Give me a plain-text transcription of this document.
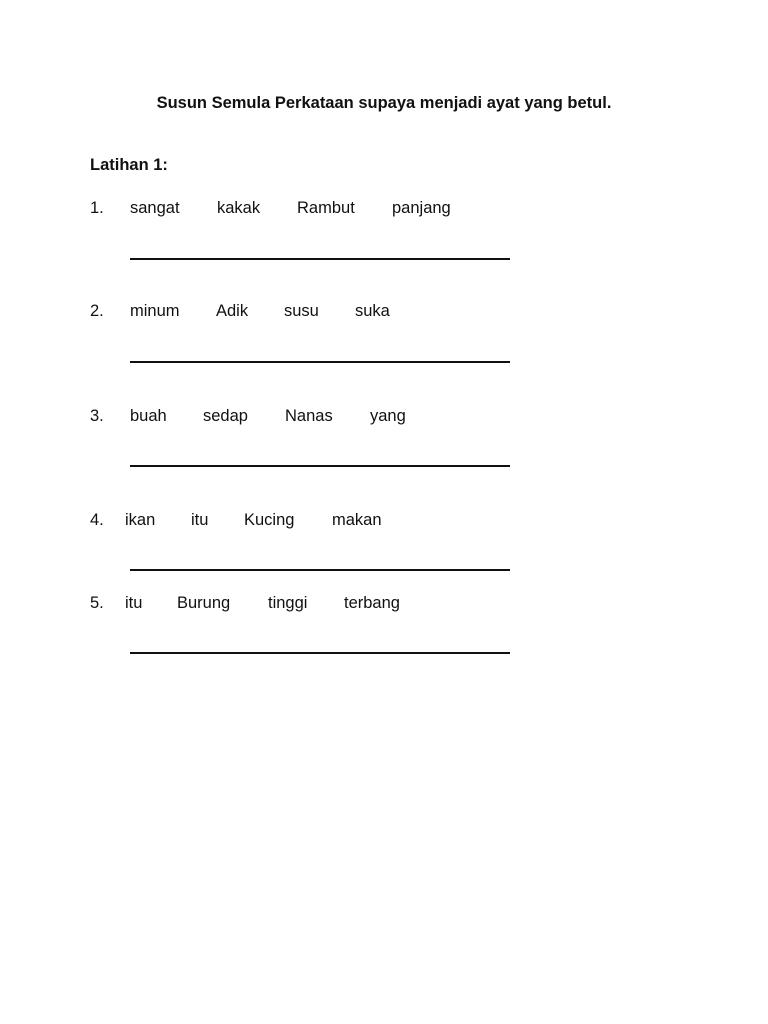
Susun Semula Perkataan supaya menjadi ayat yang betul.
Latihan 1:
1. sangat kakak Rambut panjang
2. minum Adik susu suka
3. buah sedap Nanas yang
4. ikan itu Kucing makan
5. itu Burung tinggi terbang
